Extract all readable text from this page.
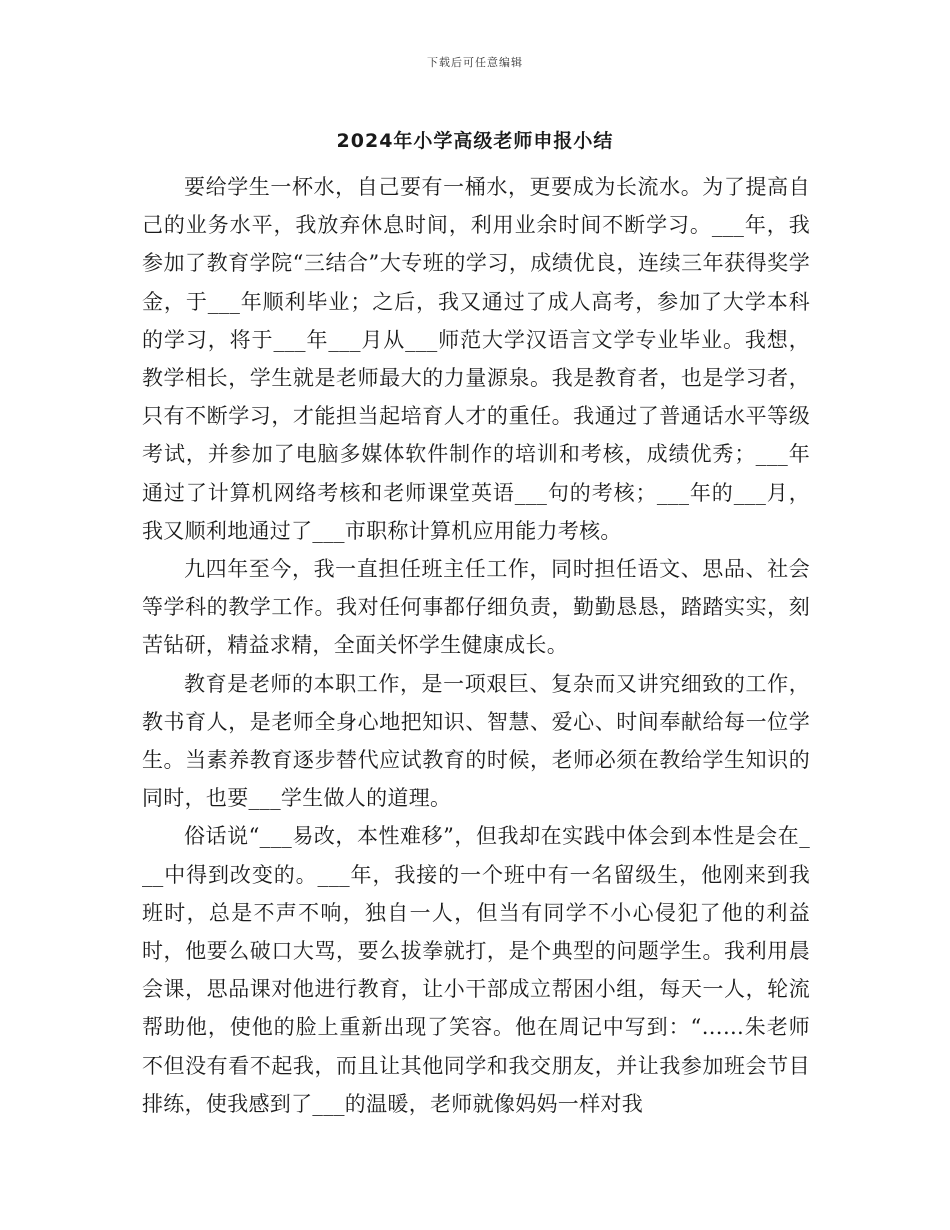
下载后可任意编辑
2024年小学高级老师申报小结

要给学生一杯水，自己要有一桶水，更要成为长流水。为了提高自己的业务水平，我放弃休息时间，利用业余时间不断学习。___年，我参加了教育学院“三结合”大专班的学习，成绩优良，连续三年获得奖学金，于___年顺利毕业；之后，我又通过了成人高考，参加了大学本科的学习，将于___年___月从___师范大学汉语言文学专业毕业。我想，教学相长，学生就是老师最大的力量源泉。我是教育者，也是学习者，只有不断学习，才能担当起培育人才的重任。我通过了普通话水平等级考试，并参加了电脑多媒体软件制作的培训和考核，成绩优秀；___年通过了计算机网络考核和老师课堂英语___句的考核；___年的___月，我又顺利地通过了___市职称计算机应用能力考核。

九四年至今，我一直担任班主任工作，同时担任语文、思品、社会等学科的教学工作。我对任何事都仔细负责，勤勤恳恳，踏踏实实，刻苦钻研，精益求精，全面关怀学生健康成长。

教育是老师的本职工作，是一项艰巨、复杂而又讲究细致的工作，教书育人，是老师全身心地把知识、智慧、爱心、时间奉献给每一位学生。当素养教育逐步替代应试教育的时候，老师必须在教给学生知识的同时，也要___学生做人的道理。

俗话说“___易改，本性难移”，但我却在实践中体会到本性是会在___中得到改变的。___年，我接的一个班中有一名留级生，他刚来到我班时，总是不声不响，独自一人，但当有同学不小心侵犯了他的利益时，他要么破口大骂，要么拔拳就打，是个典型的问题学生。我利用晨会课，思品课对他进行教育，让小干部成立帮困小组，每天一人，轮流帮助他，使他的脸上重新出现了笑容。他在周记中写到：“……朱老师不但没有看不起我，而且让其他同学和我交朋友，并让我参加班会节目排练，使我感到了___的温暖，老师就像妈妈一样对我
